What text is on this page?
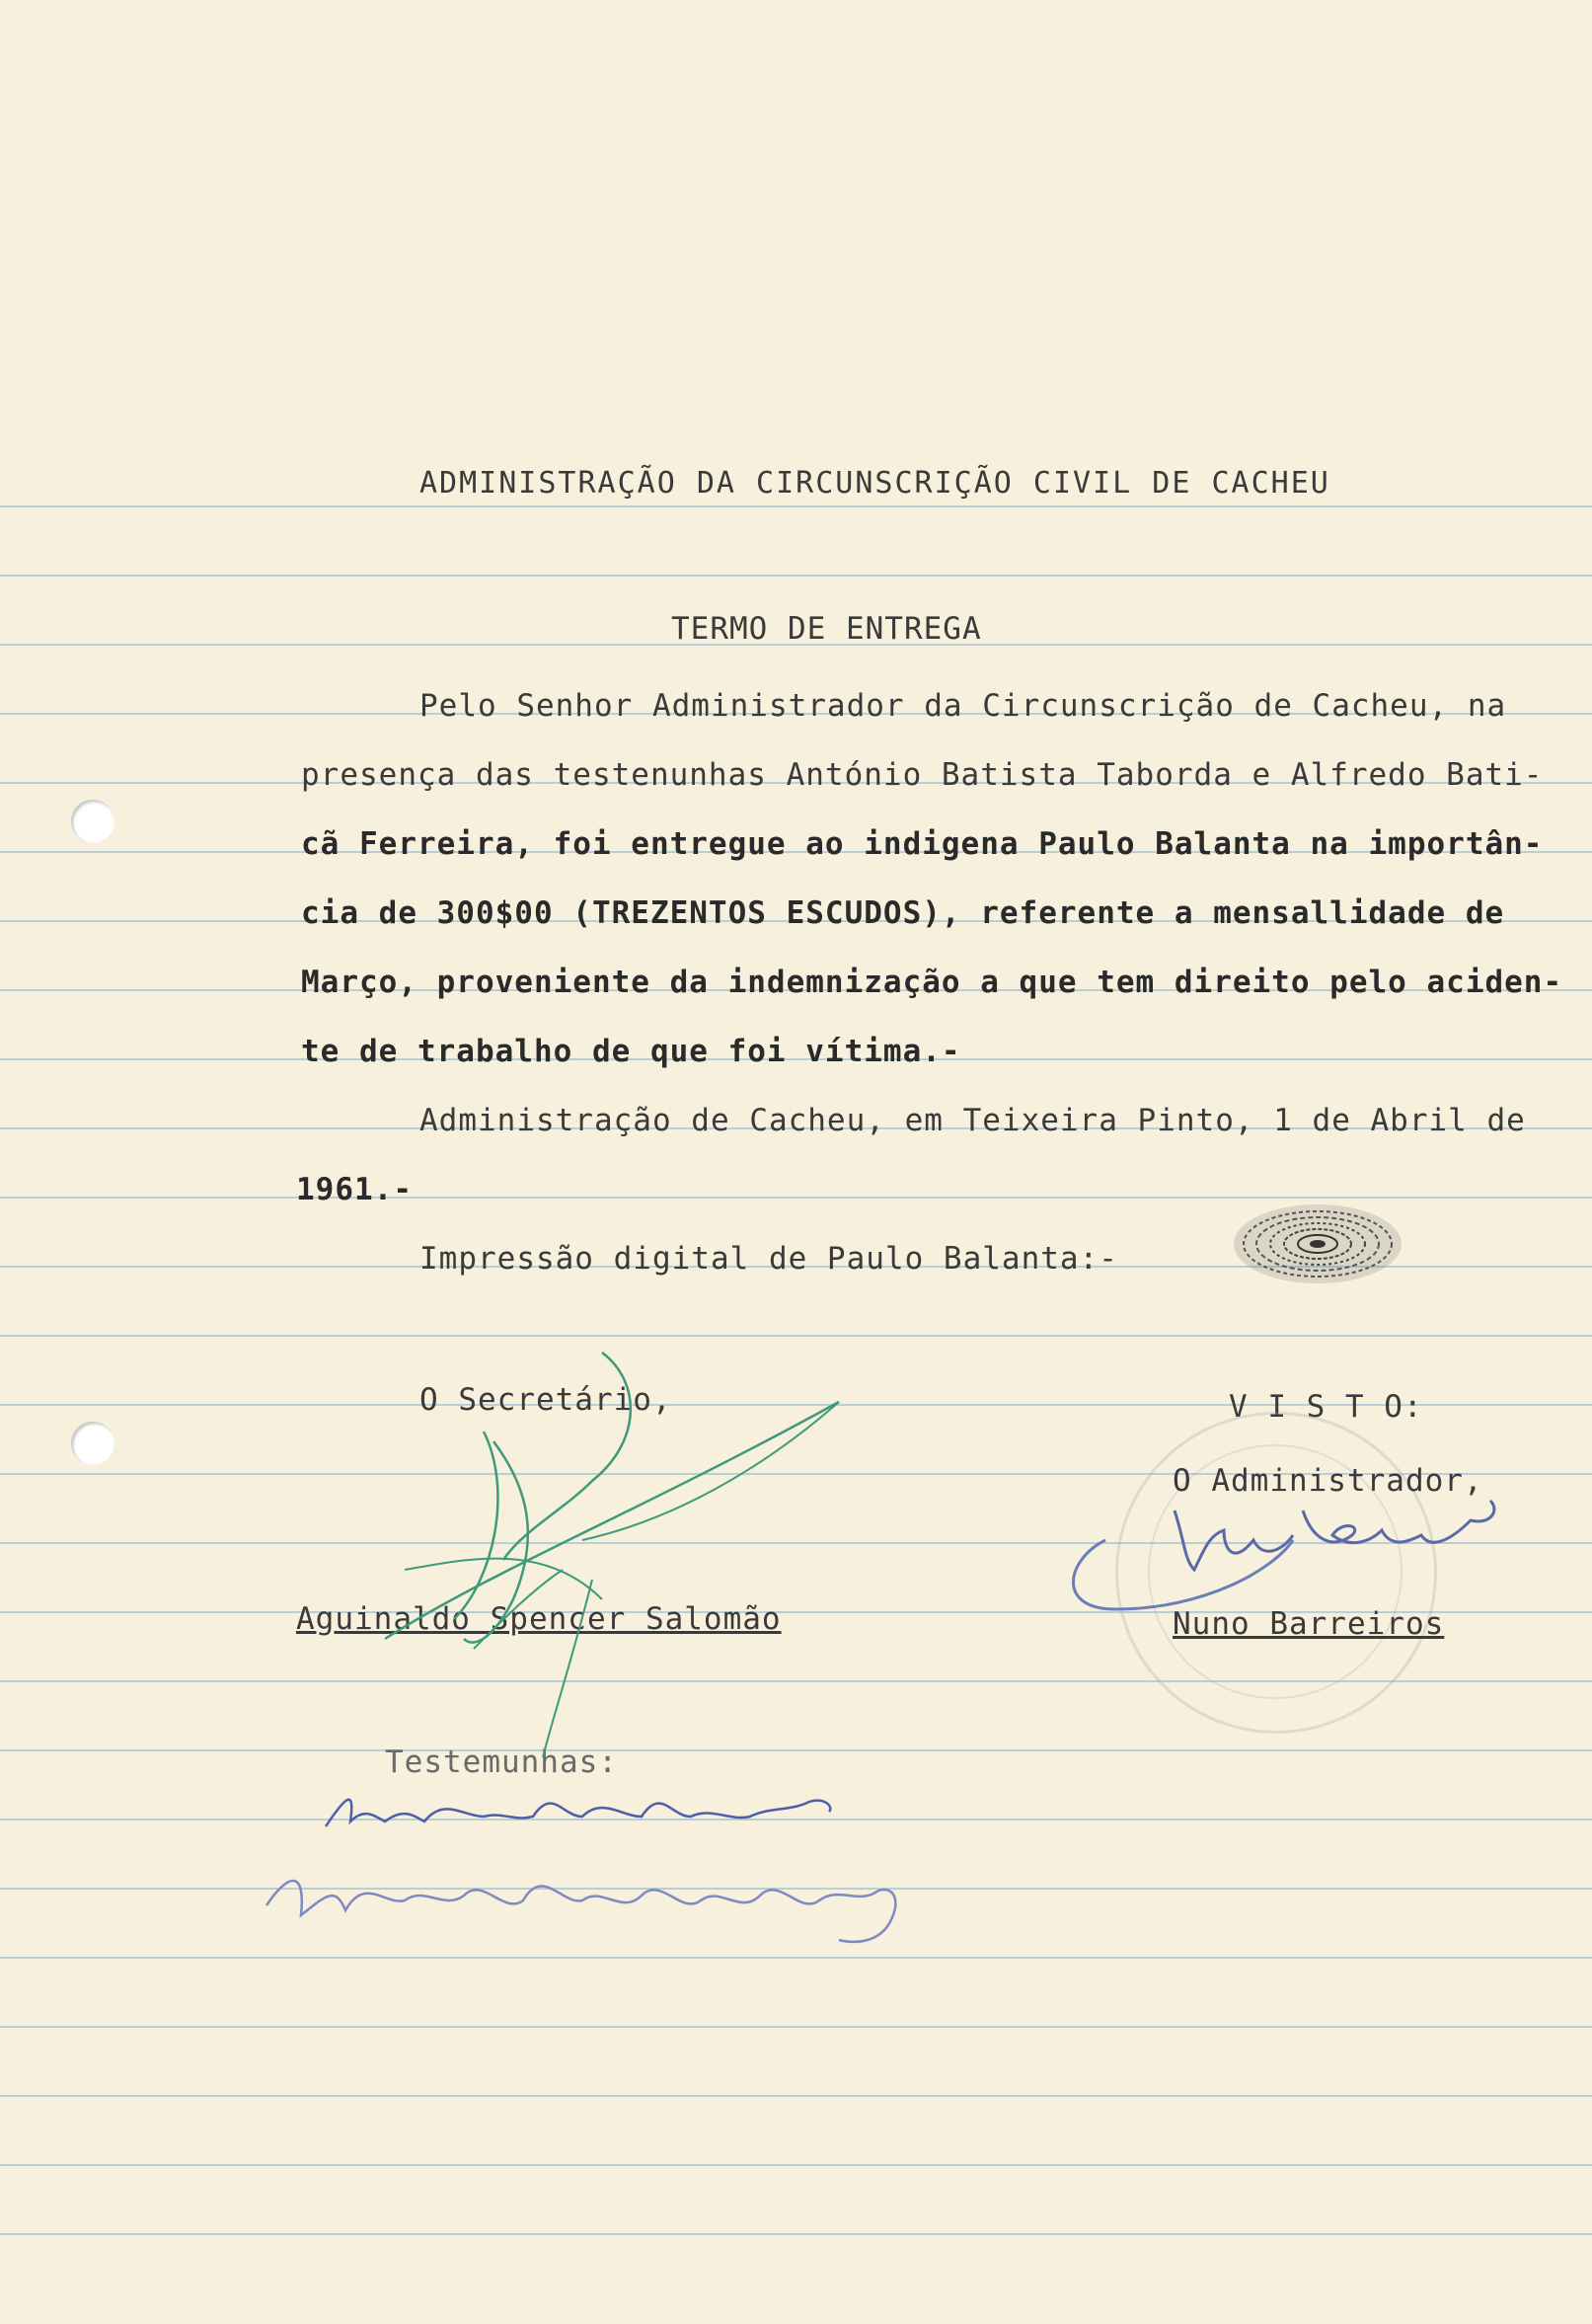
ADMINISTRAÇÃO DA CIRCUNSCRIÇÃO CIVIL DE CACHEU
TERMO DE ENTREGA
Pelo Senhor Administrador da Circunscrição de Cacheu, na
presença das testenunhas António Batista Taborda e Alfredo Bati-
cã Ferreira, foi entregue ao indigena Paulo Balanta na importân-
cia de 300$00 (TREZENTOS ESCUDOS), referente a mensallidade de
Março, proveniente da indemnização a que tem direito pelo aciden-
te de trabalho de que foi vítima.-
Administração de Cacheu, em Teixeira Pinto, 1 de Abril de
1961.-
Impressão digital de Paulo Balanta:-
O Secretário,
Aguinaldo Spencer Salomão
V I S T O:
O Administrador,
Nuno Barreiros
Testemunhas:
